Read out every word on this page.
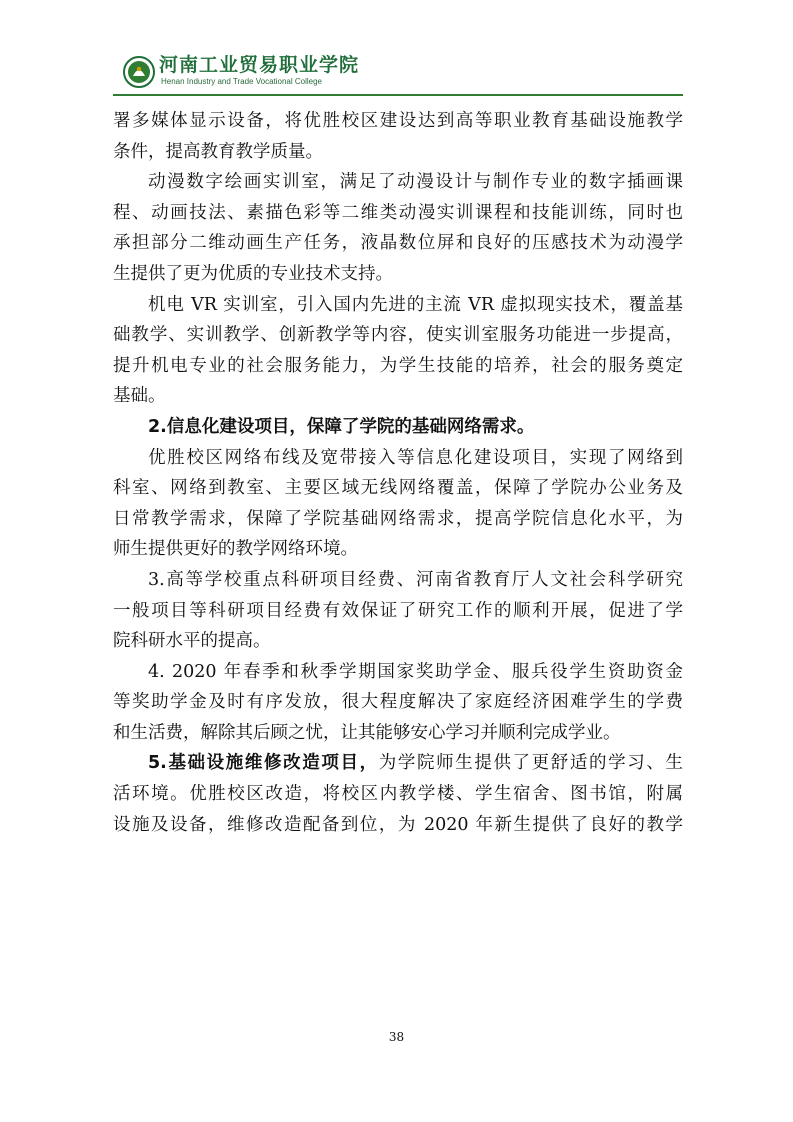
河南工业贸易职业学院
Henan Industry and Trade Vocational College
署多媒体显示设备，将优胜校区建设达到高等职业教育基础设施教学
条件，提高教育教学质量。
动漫数字绘画实训室，满足了动漫设计与制作专业的数字插画课
程、动画技法、素描色彩等二维类动漫实训课程和技能训练，同时也
承担部分二维动画生产任务，液晶数位屏和良好的压感技术为动漫学
生提供了更为优质的专业技术支持。
机电 VR 实训室，引入国内先进的主流 VR 虚拟现实技术，覆盖基
础教学、实训教学、创新教学等内容，使实训室服务功能进一步提高，
提升机电专业的社会服务能力，为学生技能的培养，社会的服务奠定
基础。
2.信息化建设项目，保障了学院的基础网络需求。
优胜校区网络布线及宽带接入等信息化建设项目，实现了网络到
科室、网络到教室、主要区域无线网络覆盖，保障了学院办公业务及
日常教学需求，保障了学院基础网络需求，提高学院信息化水平，为
师生提供更好的教学网络环境。
3.高等学校重点科研项目经费、河南省教育厅人文社会科学研究
一般项目等科研项目经费有效保证了研究工作的顺利开展，促进了学
院科研水平的提高。
4. 2020 年春季和秋季学期国家奖助学金、服兵役学生资助资金
等奖助学金及时有序发放，很大程度解决了家庭经济困难学生的学费
和生活费，解除其后顾之忧，让其能够安心学习并顺利完成学业。
5.基础设施维修改造项目，为学院师生提供了更舒适的学习、生
活环境。优胜校区改造，将校区内教学楼、学生宿舍、图书馆，附属
设施及设备，维修改造配备到位，为 2020 年新生提供了良好的教学
38
